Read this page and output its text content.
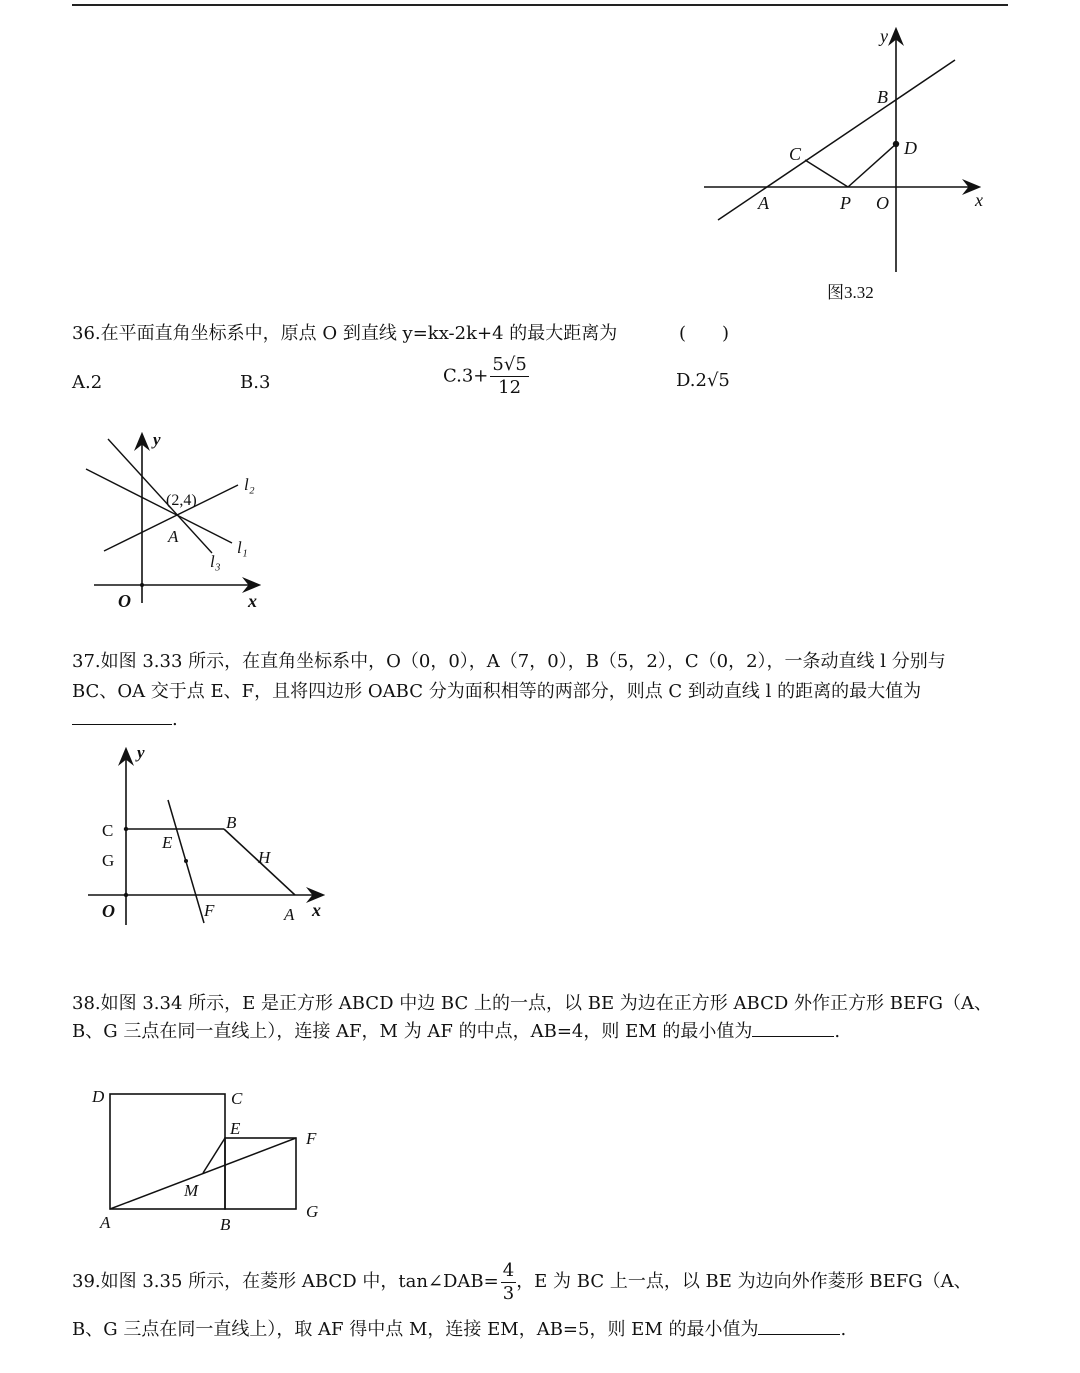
y
x
B
C	D
A	P O
图3.32
36.在平面直角坐标系中，原点 O 到直线 y=kx-2k+4 的最大距离为	(　　)
A.2	B.3	$C.3+ \frac{5√5}{12}$	D.2√5
y
x
O
(2,4)
A
l₁
l₂
l₃
37.如图 3.33 所示，在直角坐标系中，O（0，0），A（7，0），B（5，2），C（0，2），一条动直线 l 分别与
BC、OA 交于点 E、F，且将四边形 OABC 分为面积相等的两部分，则点 C 到动直线 l 的距离的最大值为
.
y
x
O
C
G
B
E
H
F	A
38.如图 3.34 所示，E 是正方形 ABCD 中边 BC 上的一点，以 BE 为边在正方形 ABCD 外作正方形 BEFG（A、
B、G 三点在同一直线上），连接 AF，M 为 AF 的中点，AB=4，则 EM 的最小值为	.
D	C
E
F
M
A	B
G
39.如图 3.35 所示，在菱形 ABCD 中，tan∠DAB= $\frac{4}{3}$ ，E 为 BC 上一点，以 BE 为边向外作菱形 BEFG（A、
B、G 三点在同一直线上），取 AF 得中点 M，连接 EM，AB=5，则 EM 的最小值为	.
